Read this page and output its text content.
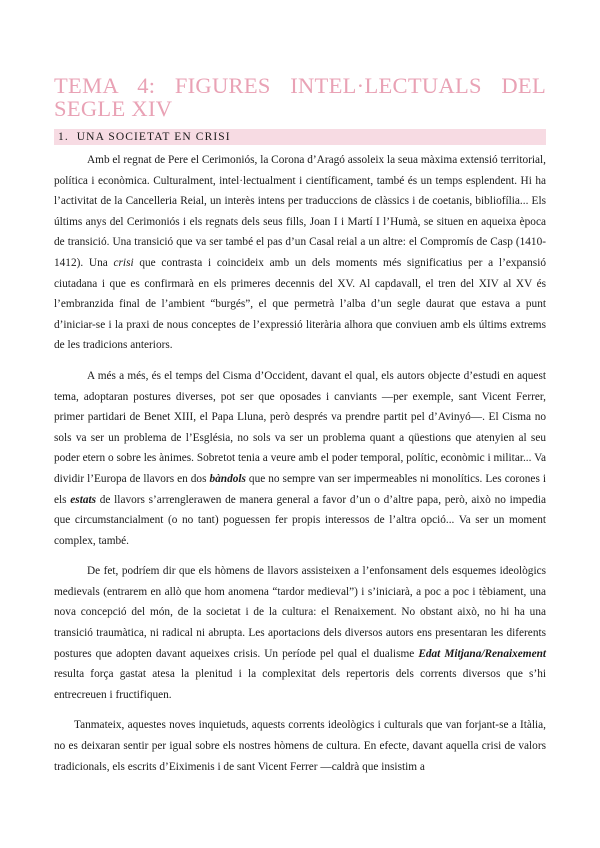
TEMA 4: FIGURES INTEL·LECTUALS DEL SEGLE XIV
1. UNA SOCIETAT EN CRISI

Amb el regnat de Pere el Cerimoniós, la Corona d’Aragó assoleix la seua màxima extensió territorial, política i econòmica. Culturalment, intel·lectualment i científicament, també és un temps esplendent. Hi ha l’activitat de la Cancelleria Reial, un interès intens per traduccions de clàssics i de coetanis, bibliofília... Els últims anys del Cerimoniós i els regnats dels seus fills, Joan I i Martí I l’Humà, se situen en aqueixa època de transició. Una transició que va ser també el pas d’un Casal reial a un altre: el Compromís de Casp (1410-1412). Una crisi que contrasta i coincideix amb un dels moments més significatius per a l’expansió ciutadana i que es confirmarà en els primeres decennis del XV. Al capdavall, el tren del XIV al XV és l’embranzida final de l’ambient “burgés”, el que permetrà l’alba d’un segle daurat que estava a punt d’iniciar-se i la praxi de nous conceptes de l’expressió literària alhora que conviuen amb els últims extrems de les tradicions anteriors.

A més a més, és el temps del Cisma d’Occident, davant el qual, els autors objecte d’estudi en aquest tema, adoptaran postures diverses, pot ser que oposades i canviants —per exemple, sant Vicent Ferrer, primer partidari de Benet XIII, el Papa Lluna, però després va prendre partit pel d’Avinyó—. El Cisma no sols va ser un problema de l’Església, no sols va ser un problema quant a qüestions que atenyien al seu poder etern o sobre les ànimes. Sobretot tenia a veure amb el poder temporal, polític, econòmic i militar... Va dividir l’Europa de llavors en dos bàndols que no sempre van ser impermeables ni monolítics. Les corones i els estats de llavors s’arrenglerawen de manera general a favor d’un o d’altre papa, però, això no impedia que circumstancialment (o no tant) poguessen fer propis interessos de l’altra opció... Va ser un moment complex, també.

De fet, podríem dir que els hòmens de llavors assisteixen a l’enfonsament dels esquemes ideològics medievals (entrarem en allò que hom anomena “tardor medieval”) i s’iniciarà, a poc a poc i tèbiament, una nova concepció del món, de la societat i de la cultura: el Renaixement. No obstant això, no hi ha una transició traumàtica, ni radical ni abrupta. Les aportacions dels diversos autors ens presentaran les diferents postures que adopten davant aqueixes crisis. Un període pel qual el dualisme Edat Mitjana/Renaixement resulta força gastat atesa la plenitud i la complexitat dels repertoris dels corrents diversos que s’hi entrecreuen i fructifiquen.

Tanmateix, aquestes noves inquietuds, aquests corrents ideològics i culturals que van forjant-se a Itàlia, no es deixaran sentir per igual sobre els nostres hòmens de cultura. En efecte, davant aquella crisi de valors tradicionals, els escrits d’Eiximenis i de sant Vicent Ferrer —caldrà que insistim a
